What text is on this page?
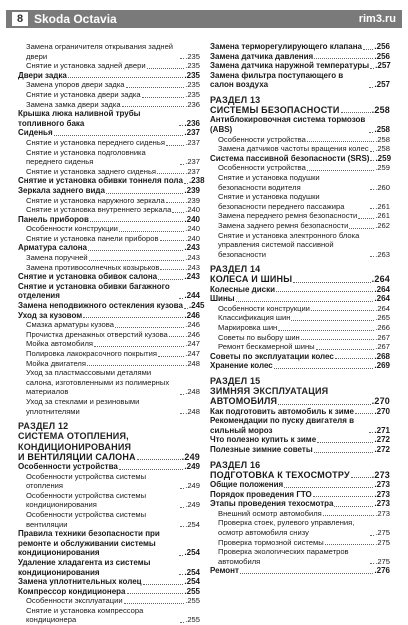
8 Skoda Octavia	rim3.ru
Замена ограничителя открывания задней двери	.235
Снятие и установка задней двери	.235
Двери задка	.235
Замена упоров двери задка	.235
Снятие и установка двери задка	.235
Замена замка двери задка	.236
Крышка люка наливной трубы топливного бака	.236
Сиденья	.237
Снятие и установка переднего сиденья	.237
Снятие и установка подголовника переднего сиденья	.237
Снятие и установка заднего сиденья	.237
Снятие и установка обивки тоннеля пола .238
Зеркала заднего вида	.239
Снятие и установка наружного зеркала	.239
Снятие и установка внутреннего зеркала .240
Панель приборов	.240
Особенности конструкции	.240
Снятие и установка панели приборов	.240
Арматура салона	.243
Замена поручней	.243
Замена противосолнечных козырьков	.243
Снятие и установка обивок салона	.243
Снятие и установка обивки багажного отделения	.244
Замена неподвижного остекления кузова .245
Уход за кузовом	.246
Смазка арматуры кузова	.246
Прочистка дренажных отверстий кузова .246
Мойка автомобиля	.247
Полировка лакокрасочного покрытия	.247
Мойка двигателя	.248
Уход за пластмассовыми деталями салона, изготовленными из полимерных материалов	.248
Уход за стеклами и резиновыми уплотнителями	.248
РАЗДЕЛ 12
СИСТЕМА ОТОПЛЕНИЯ,
КОНДИЦИОНИРОВАНИЯ
И ВЕНТИЛЯЦИИ САЛОНА	.249
Особенности устройства	.249
Особенности устройства системы отопления	.249
Особенности устройства системы кондиционирования	.249
Особенности устройства системы вентиляции	.254
Правила техники безопасности при ремонте и обслуживании системы кондиционирования	.254
Удаление хладагента из системы кондиционирования	.254
Замена уплотнительных колец	.254
Компрессор кондиционера	.255
Особенности эксплуатации	.255
Снятие и установка компрессора кондиционера	.255
Замена терморегулирующего клапана .256
Замена датчика давления	.256
Замена датчика наружной температуры .257
Замена фильтра поступающего в салон воздуха	.257
РАЗДЕЛ 13
СИСТЕМЫ БЕЗОПАСНОСТИ	.258
Антиблокировочная система тормозов (ABS)	.258
Особенности устройства	.258
Замена датчиков частоты вращения колес .258
Система пассивной безопасности (SRS) .259
Особенности устройства	.259
Снятие и установка подушки безопасности водителя	.260
Снятие и установка подушки безопасности переднего пассажира	.261
Замена переднего ремня безопасности .261
Замена заднего ремня безопасности	.262
Снятие и установка электронного блока управления системой пассивной безопасности	.263
РАЗДЕЛ 14
КОЛЕСА И ШИНЫ	.264
Колесные диски	.264
Шины	.264
Особенности конструкции	.264
Классификация шин	.265
Маркировка шин	.266
Советы по выбору шин	.267
Ремонт бескамерной шины	.267
Советы по эксплуатации колес	.268
Хранение колес	.269
РАЗДЕЛ 15
ЗИМНЯЯ ЭКСПЛУАТАЦИЯ
АВТОМОБИЛЯ	.270
Как подготовить автомобиль к зиме	.270
Рекомендации по пуску двигателя в сильный мороз	.271
Что полезно купить к зиме	.272
Полезные зимние советы	.272
РАЗДЕЛ 16
ПОДГОТОВКА К ТЕХОСМОТРУ .273
Общие положения	.273
Порядок проведения ГТО	.273
Этапы проведения техосмотра	.273
Внешний осмотр автомобиля	.273
Проверка стоек, рулевого управления, осмотр автомобиля снизу	.275
Проверка тормозной системы	.275
Проверка экологических параметров автомобиля	.275
Ремонт	.276
